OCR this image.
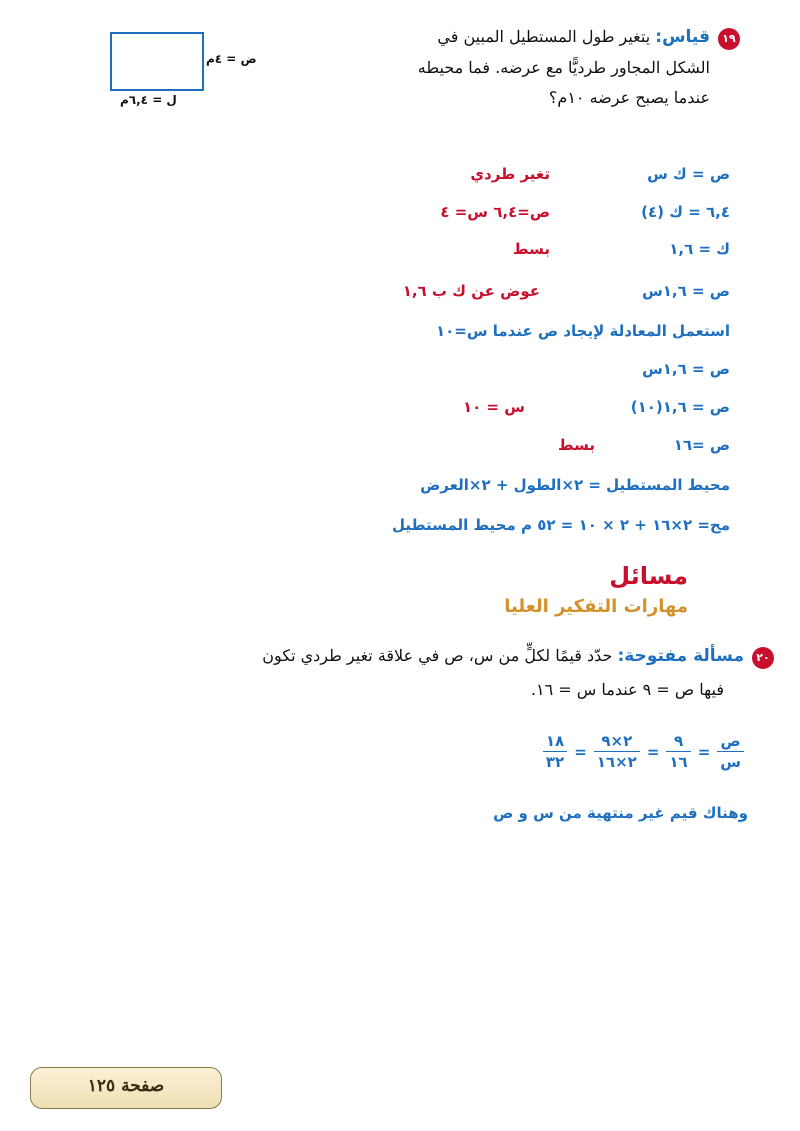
١٩
قياس: يتغير طول المستطيل المبين في
الشكل المجاور طرديًّا مع عرضه. فما محيطه
عندما يصبح عرضه ١٠م؟
ض = ٤م
ل = ٦,٤م
ص = ك س
تغير طردي
٦,٤ = ك (٤)
ص=٦,٤ س= ٤
ك = ١,٦
بسط
ص = ١,٦س
عوض عن ك ب ١,٦
استعمل المعادلة لإيجاد ص عندما س=١٠
ص = ١,٦س
ص = ١,٦(١٠)
س = ١٠
ص =١٦
بسط
محيط المستطيل = ٢×الطول + ٢×العرض
مح= ٢×١٦ + ٢ × ١٠ = ٥٢ م محيط المستطيل
مسائل
مهارات التفكير العليا
٢٠
مسألة مفتوحة: حدّد قيمًا لكلٍّ من س، ص في علاقة تغير طردي تكون
فيها ص = ٩ عندما س = ١٦.
$\frac{\text{ص}}{\text{س}}$
=
$\frac{٩}{١٦}$
=
$\frac{٢\times ٩}{٢\times ١٦}$
=
$\frac{١٨}{٣٢}$
وهناك قيم غير منتهية من س و ص
صفحة ١٢٥
